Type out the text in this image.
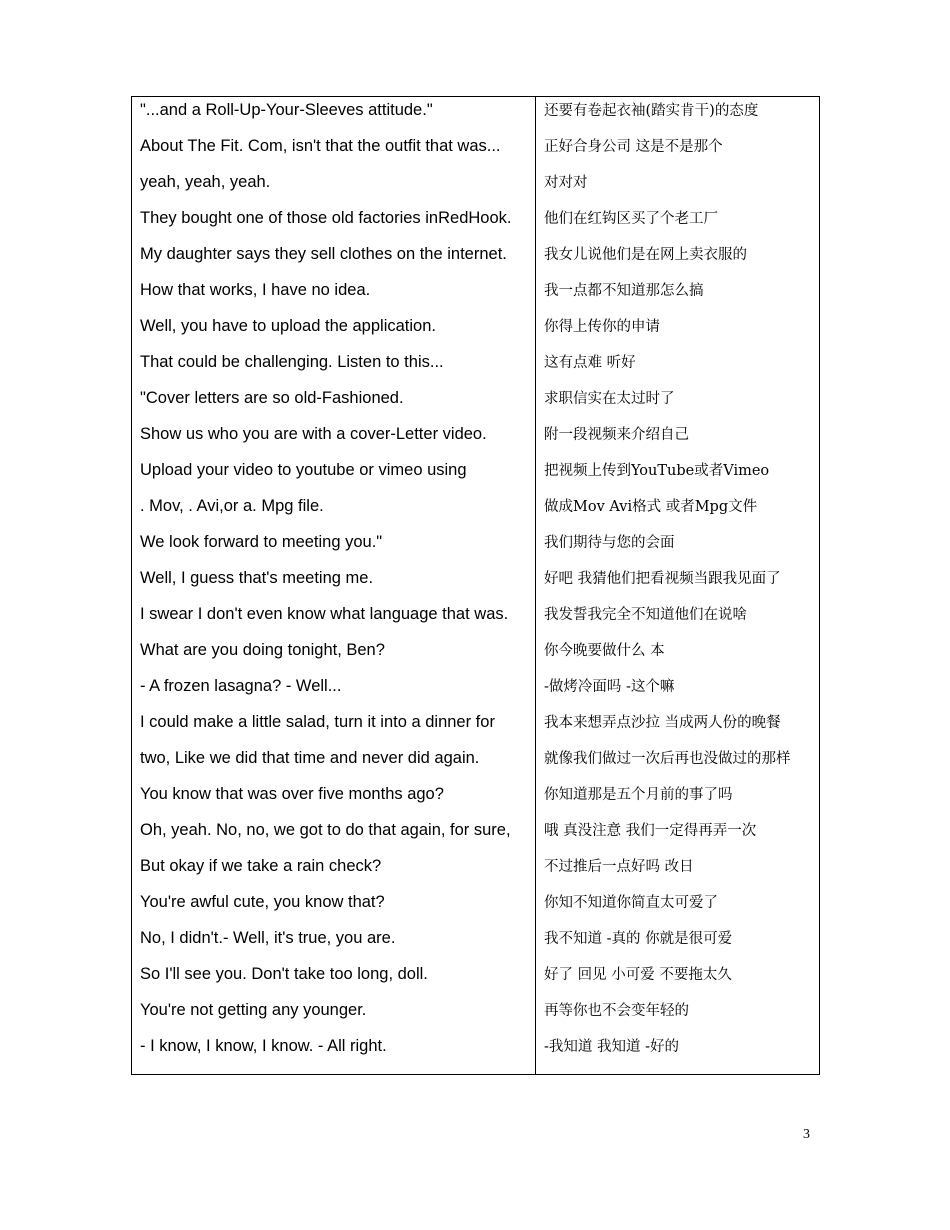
"...and a Roll-Up-Your-Sleeves attitude."	还要有卷起衣袖(踏实肯干)的态度
About The Fit. Com, isn't that the outfit that was...	正好合身公司 这是不是那个
yeah, yeah, yeah.	对对对
They bought one of those old factories inRedHook.	他们在红钩区买了个老工厂
My daughter says they sell clothes on the internet.	我女儿说他们是在网上卖衣服的
How that works, I have no idea.	我一点都不知道那怎么搞
Well, you have to upload the application.	你得上传你的申请
That could be challenging. Listen to this...	这有点难 听好
"Cover letters are so old-Fashioned.	求职信实在太过时了
Show us who you are with a cover-Letter video.	附一段视频来介绍自己
Upload your video to youtube or vimeo using	把视频上传到YouTube或者Vimeo
. Mov, . Avi,or a. Mpg file.	做成Mov Avi格式 或者Mpg文件
We look forward to meeting you."	我们期待与您的会面
Well, I guess that's meeting me.	好吧 我猜他们把看视频当跟我见面了
I swear I don't even know what language that was.	我发誓我完全不知道他们在说啥
What are you doing tonight, Ben?	你今晚要做什么 本
- A frozen lasagna? - Well...	-做烤冷面吗 -这个嘛
I could make a little salad, turn it into a dinner for	我本来想弄点沙拉 当成两人份的晚餐
two, Like we did that time and never did again.	就像我们做过一次后再也没做过的那样
You know that was over five months ago?	你知道那是五个月前的事了吗
Oh, yeah. No, no, we got to do that again, for sure,	哦 真没注意 我们一定得再弄一次
But okay if we take a rain check?	不过推后一点好吗 改日
You're awful cute, you know that?	你知不知道你简直太可爱了
No, I didn't.- Well, it's true, you are.	我不知道 -真的 你就是很可爱
So I'll see you. Don't take too long, doll.	好了 回见 小可爱 不要拖太久
You're not getting any younger.	再等你也不会变年轻的
- I know, I know, I know. - All right.	-我知道 我知道 -好的
3
